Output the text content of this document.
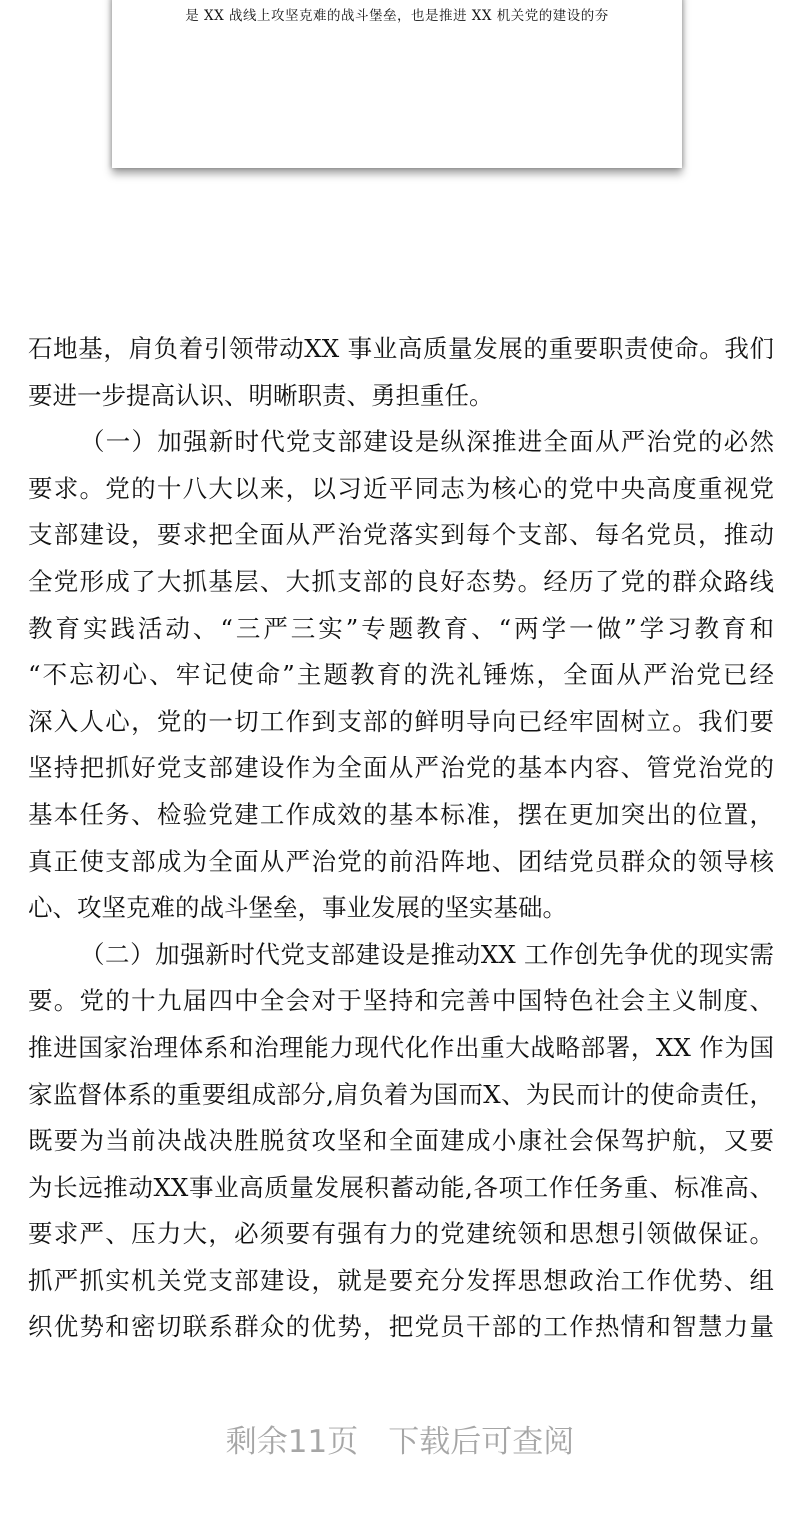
是 XX 战线上攻坚克难的战斗堡垒，也是推进 XX 机关党的建设的夯
石地基，肩负着引领带动XX 事业高质量发展的重要职责使命。我们
要进一步提高认识、明晰职责、勇担重任。
（一）加强新时代党支部建设是纵深推进全面从严治党的必然
要求。党的十八大以来，以习近平同志为核心的党中央高度重视党
支部建设，要求把全面从严治党落实到每个支部、每名党员，推动
全党形成了大抓基层、大抓支部的良好态势。经历了党的群众路线
教育实践活动、“三严三实”专题教育、“两学一做”学习教育和
“不忘初心、牢记使命”主题教育的洗礼锤炼，全面从严治党已经
深入人心，党的一切工作到支部的鲜明导向已经牢固树立。我们要
坚持把抓好党支部建设作为全面从严治党的基本内容、管党治党的
基本任务、检验党建工作成效的基本标准，摆在更加突出的位置，
真正使支部成为全面从严治党的前沿阵地、团结党员群众的领导核
心、攻坚克难的战斗堡垒，事业发展的坚实基础。
（二）加强新时代党支部建设是推动XX 工作创先争优的现实需
要。党的十九届四中全会对于坚持和完善中国特色社会主义制度、
推进国家治理体系和治理能力现代化作出重大战略部署，XX 作为国
家监督体系的重要组成部分,肩负着为国而X、为民而计的使命责任，
既要为当前决战决胜脱贫攻坚和全面建成小康社会保驾护航，又要
为长远推动XX事业高质量发展积蓄动能,各项工作任务重、标准高、
要求严、压力大，必须要有强有力的党建统领和思想引领做保证。
抓严抓实机关党支部建设，就是要充分发挥思想政治工作优势、组
织优势和密切联系群众的优势，把党员干部的工作热情和智慧力量
剩余11页 下载后可查阅
